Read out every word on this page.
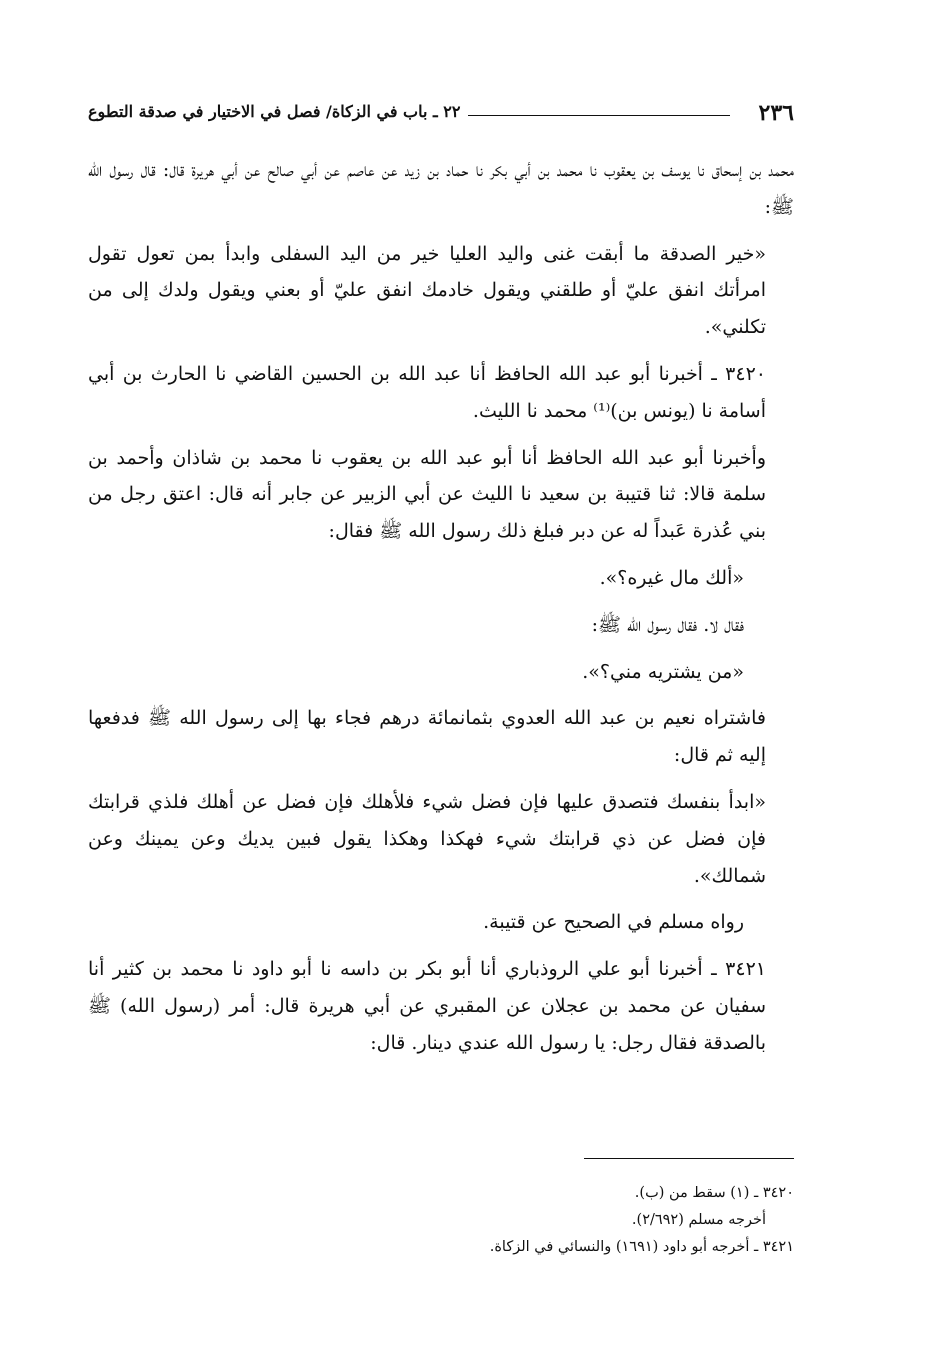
٢٣٦
٢٢ ـ باب في الزكاة/ فصل في الاختيار في صدقة التطوع

محمد بن إسحاق نا يوسف بن يعقوب نا محمد بن أبي بكر نا حماد بن زيد عن عاصم عن أبي صالح عن أبي هريرة قال: قال رسول الله ﷺ:

«خير الصدقة ما أبقت غنى واليد العليا خير من اليد السفلى وابدأ بمن تعول تقول امرأتك انفق عليّ أو طلقني ويقول خادمك انفق عليّ أو بعني ويقول ولدك إلى من تكلني».

٣٤٢٠ ـ أخبرنا أبو عبد الله الحافظ أنا عبد الله بن الحسين القاضي نا الحارث بن أبي أسامة نا (يونس بن)⁽¹⁾ محمد نا الليث.

وأخبرنا أبو عبد الله الحافظ أنا أبو عبد الله بن يعقوب نا محمد بن شاذان وأحمد بن سلمة قالا: ثنا قتيبة بن سعيد نا الليث عن أبي الزبير عن جابر أنه قال: اعتق رجل من بني عُذرة عَبداً له عن دبر فبلغ ذلك رسول الله ﷺ فقال:

«ألك مال غيره؟».

فقال لا. فقال رسول الله ﷺ:

«من يشتريه مني؟».

فاشتراه نعيم بن عبد الله العدوي بثمانمائة درهم فجاء بها إلى رسول الله ﷺ فدفعها إليه ثم قال:

«ابدأ بنفسك فتصدق عليها فإن فضل شيء فلأهلك فإن فضل عن أهلك فلذي قرابتك فإن فضل عن ذي قرابتك شيء فهكذا وهكذا يقول فبين يديك وعن يمينك وعن شمالك».

رواه مسلم في الصحيح عن قتيبة.

٣٤٢١ ـ أخبرنا أبو علي الروذباري أنا أبو بكر بن داسه نا أبو داود نا محمد بن كثير أنا سفيان عن محمد بن عجلان عن المقبري عن أبي هريرة قال: أمر (رسول الله) ﷺ بالصدقة فقال رجل: يا رسول الله عندي دينار. قال:

٣٤٢٠ ـ (١) سقط من (ب).

أخرجه مسلم (٢/٦٩٢).

٣٤٢١ ـ أخرجه أبو داود (١٦٩١) والنسائي في الزكاة.
